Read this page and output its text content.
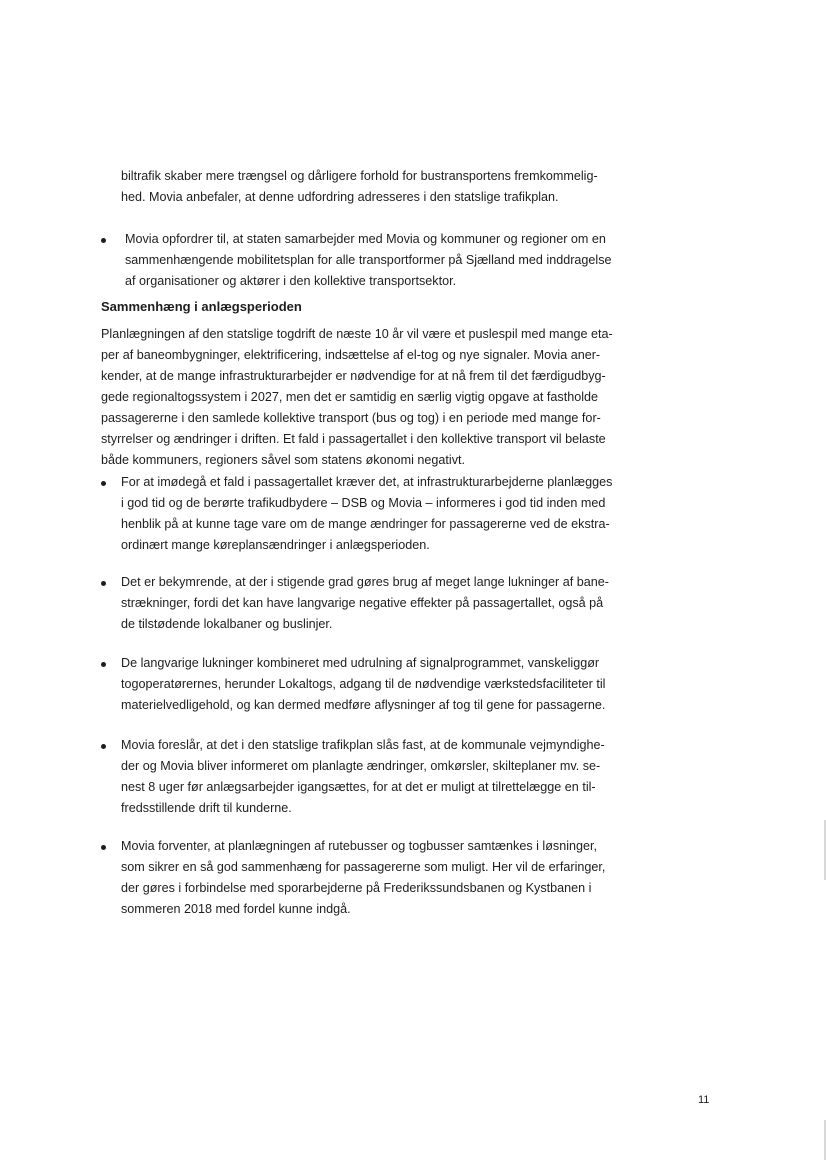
biltrafik skaber mere trængsel og dårligere forhold for bustransportens fremkommelig-
hed. Movia anbefaler, at denne udfordring adresseres i den statslige trafikplan.
Movia opfordrer til, at staten samarbejder med Movia og kommuner og regioner om en
sammenhængende mobilitetsplan for alle transportformer på Sjælland med inddragelse
af organisationer og aktører i den kollektive transportsektor.
Sammenhæng i anlægsperioden
Planlægningen af den statslige togdrift de næste 10 år vil være et puslespil med mange eta-
per af baneombygninger, elektrificering, indsættelse af el-tog og nye signaler. Movia aner-
kender, at de mange infrastrukturarbejder er nødvendige for at nå frem til det færdigudbyg-
gede regionaltogssystem i 2027, men det er samtidig en særlig vigtig opgave at fastholde
passagererne i den samlede kollektive transport (bus og tog) i en periode med mange for-
styrrelser og ændringer i driften. Et fald i passagertallet i den kollektive transport vil belaste
både kommuners, regioners såvel som statens økonomi negativt.
For at imødegå et fald i passagertallet kræver det, at infrastrukturarbejderne planlægges
i god tid og de berørte trafikudbydere – DSB og Movia – informeres i god tid inden med
henblik på at kunne tage vare om de mange ændringer for passagererne ved de ekstra-
ordinært mange køreplansændringer i anlægsperioden.
Det er bekymrende, at der i stigende grad gøres brug af meget lange lukninger af bane-
strækninger, fordi det kan have langvarige negative effekter på passagertallet, også på
de tilstødende lokalbaner og buslinjer.
De langvarige lukninger kombineret med udrulning af signalprogrammet, vanskeliggør
togoperatørernes, herunder Lokaltogs, adgang til de nødvendige værkstedsfaciliteter til
materielvedligehold, og kan dermed medføre aflysninger af tog til gene for passagerne.
Movia foreslår, at det i den statslige trafikplan slås fast, at de kommunale vejmyndighe-
der og Movia bliver informeret om planlagte ændringer, omkørsler, skilteplaner mv. se-
nest 8 uger før anlægsarbejder igangsættes, for at det er muligt at tilrettelægge en til-
fredsstillende drift til kunderne.
Movia forventer, at planlægningen af rutebusser og togbusser samtænkes i løsninger,
som sikrer en så god sammenhæng for passagererne som muligt. Her vil de erfaringer,
der gøres i forbindelse med sporarbejderne på Frederikssundsbanen og Kystbanen i
sommeren 2018 med fordel kunne indgå.
11
